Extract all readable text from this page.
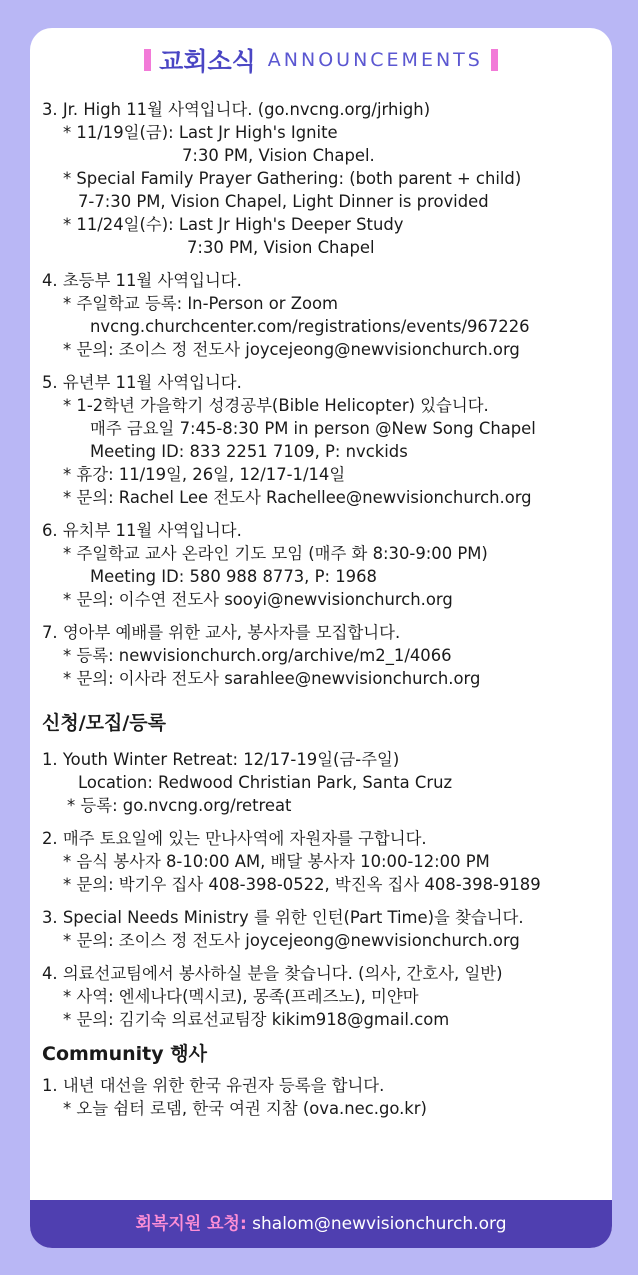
교회소식 ANNOUNCEMENTS
3. Jr. High 11월 사역입니다. (go.nvcng.org/jrhigh)
* 11/19일(금): Last Jr High's Ignite
7:30 PM, Vision Chapel.
* Special Family Prayer Gathering: (both parent + child)
7-7:30 PM, Vision Chapel, Light Dinner is provided
* 11/24일(수): Last Jr High's Deeper Study
7:30 PM, Vision Chapel
4. 초등부 11월 사역입니다.
* 주일학교 등록: In-Person or Zoom
nvcng.churchcenter.com/registrations/events/967226
* 문의: 조이스 정 전도사 joycejeong@newvisionchurch.org
5. 유년부 11월 사역입니다.
* 1-2학년 가을학기 성경공부(Bible Helicopter) 있습니다.
매주 금요일 7:45-8:30 PM in person @New Song Chapel
Meeting ID: 833 2251 7109, P: nvckids
* 휴강: 11/19일, 26일, 12/17-1/14일
* 문의: Rachel Lee 전도사 Rachellee@newvisionchurch.org
6. 유치부 11월 사역입니다.
* 주일학교 교사 온라인 기도 모임 (매주 화 8:30-9:00 PM)
Meeting ID: 580 988 8773, P: 1968
* 문의: 이수연 전도사 sooyi@newvisionchurch.org
7. 영아부 예배를 위한 교사, 봉사자를 모집합니다.
* 등록: newvisionchurch.org/archive/m2_1/4066
* 문의: 이사라 전도사 sarahlee@newvisionchurch.org
신청/모집/등록
1. Youth Winter Retreat: 12/17-19일(금-주일)
Location: Redwood Christian Park, Santa Cruz
* 등록: go.nvcng.org/retreat
2. 매주 토요일에 있는 만나사역에 자원자를 구합니다.
* 음식 봉사자 8-10:00 AM, 배달 봉사자 10:00-12:00 PM
* 문의: 박기우 집사 408-398-0522, 박진옥 집사 408-398-9189
3. Special Needs Ministry 를 위한 인턴(Part Time)을 찾습니다.
* 문의: 조이스 정 전도사 joycejeong@newvisionchurch.org
4. 의료선교팀에서 봉사하실 분을 찾습니다. (의사, 간호사, 일반)
* 사역: 엔세나다(멕시코), 몽족(프레즈노), 미얀마
* 문의: 김기숙 의료선교팀장 kikim918@gmail.com
Community 행사
1. 내년 대선을 위한 한국 유권자 등록을 합니다.
* 오늘 쉼터 로뎀, 한국 여권 지참 (ova.nec.go.kr)
회복지원 요청: shalom@newvisionchurch.org
